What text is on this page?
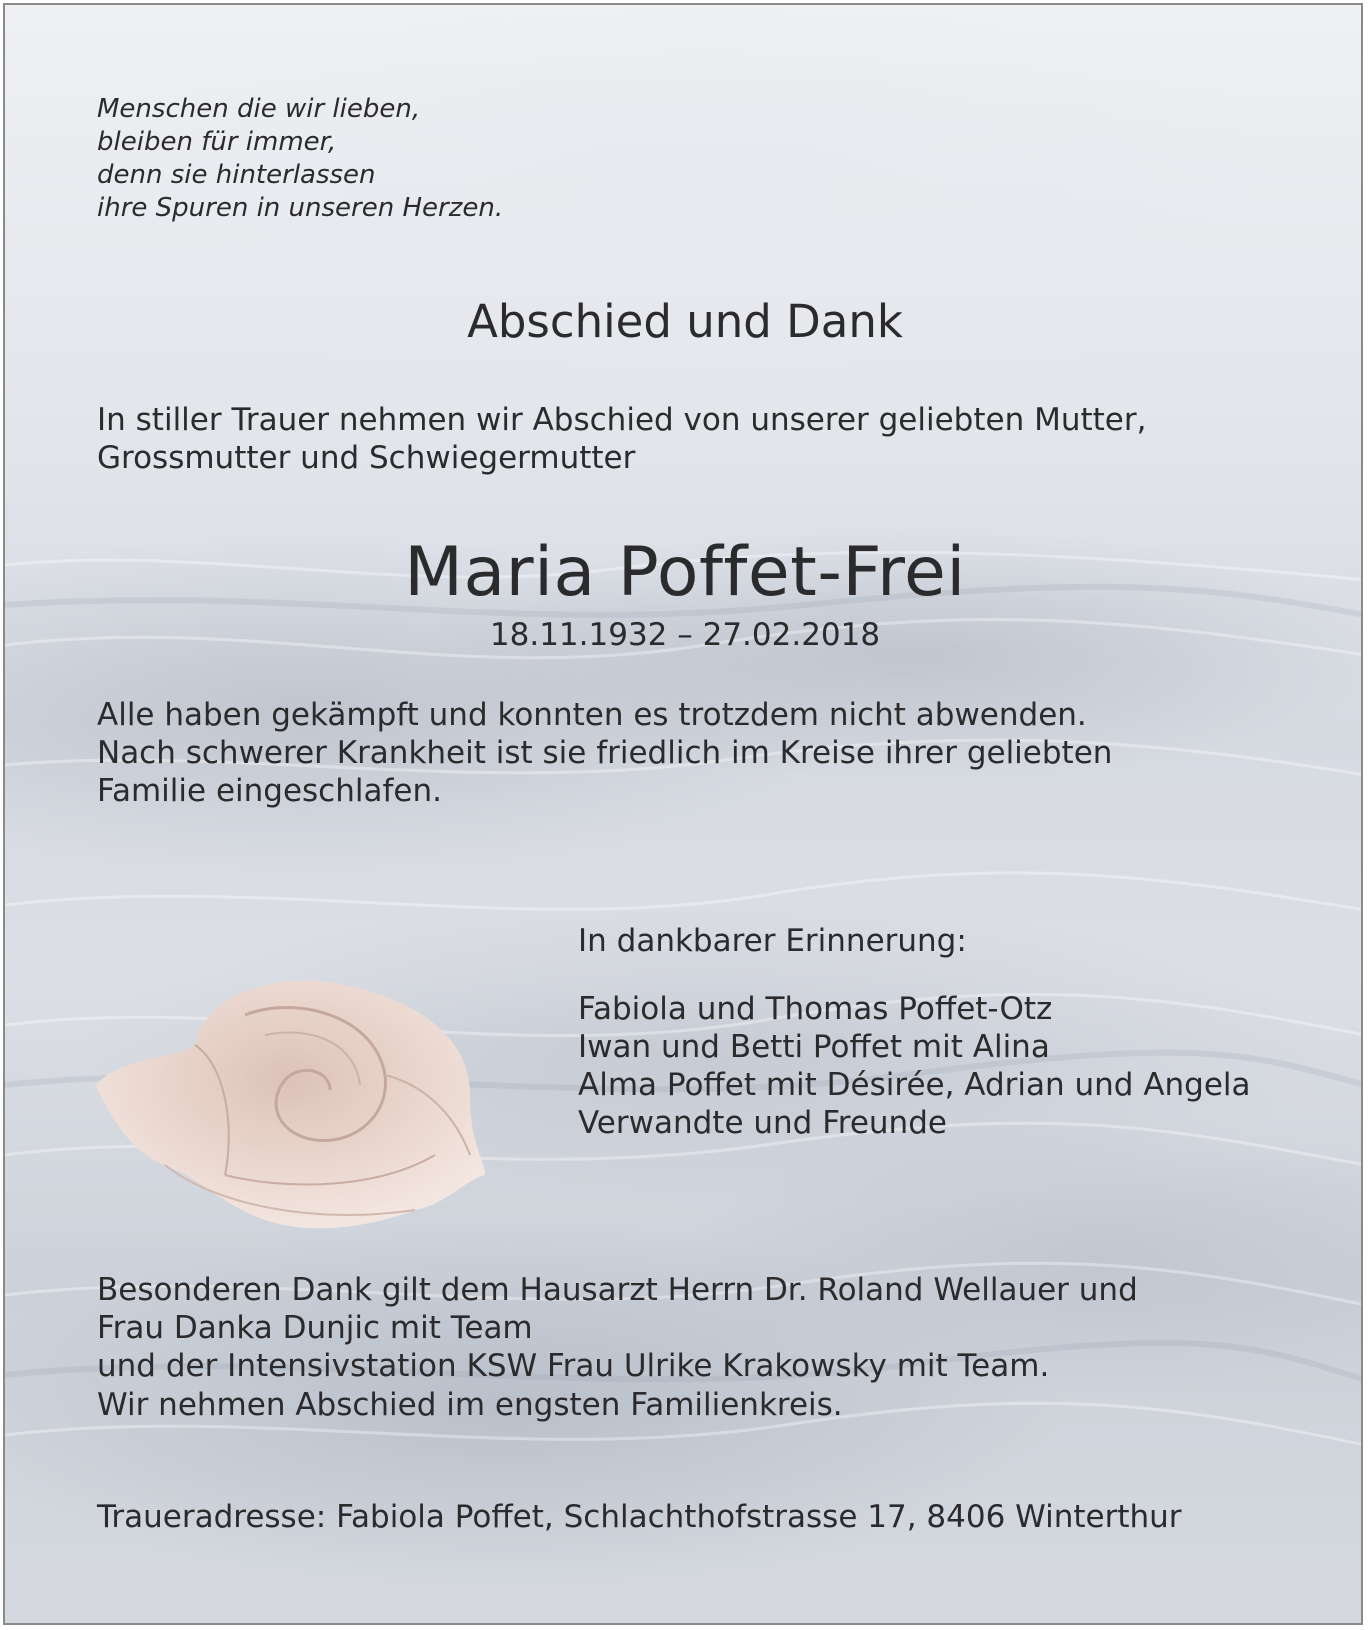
Menschen die wir lieben,
bleiben für immer,
denn sie hinterlassen
ihre Spuren in unseren Herzen.
Abschied und Dank
In stiller Trauer nehmen wir Abschied von unserer geliebten Mutter,
Grossmutter und Schwiegermutter
Maria Poffet-Frei
18.11.1932 – 27.02.2018
Alle haben gekämpft und konnten es trotzdem nicht abwenden.
Nach schwerer Krankheit ist sie friedlich im Kreise ihrer geliebten
Familie eingeschlafen.
In dankbarer Erinnerung:
Fabiola und Thomas Poffet-Otz
Iwan und Betti Poffet mit Alina
Alma Poffet mit Désirée, Adrian und Angela
Verwandte und Freunde
Besonderen Dank gilt dem Hausarzt Herrn Dr. Roland Wellauer und
Frau Danka Dunjic mit Team
und der Intensivstation KSW Frau Ulrike Krakowsky mit Team.
Wir nehmen Abschied im engsten Familienkreis.
Traueradresse: Fabiola Poffet, Schlachthofstrasse 17, 8406 Winterthur
